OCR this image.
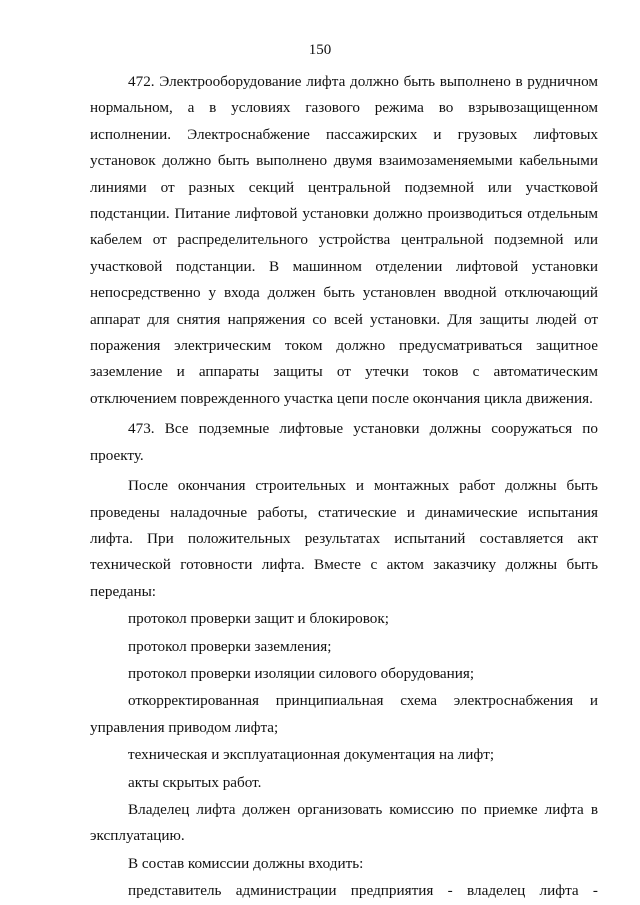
150

472. Электрооборудование лифта должно быть выполнено в рудничном нормальном, а в условиях газового режима во взрывозащищенном исполнении. Электроснабжение пассажирских и грузовых лифтовых установок должно быть выполнено двумя взаимозаменяемыми кабельными линиями от разных секций центральной подземной или участковой подстанции. Питание лифтовой установки должно производиться отдельным кабелем от распределительного устройства центральной подземной или участковой подстанции. В машинном отделении лифтовой установки непосредственно у входа должен быть установлен вводной отключающий аппарат для снятия напряжения со всей установки. Для защиты людей от поражения электрическим током должно предусматриваться защитное заземление и аппараты защиты от утечки токов с автоматическим отключением поврежденного участка цепи после окончания цикла движения.

473. Все подземные лифтовые установки должны сооружаться по проекту.

После окончания строительных и монтажных работ должны быть проведены наладочные работы, статические и динамические испытания лифта. При положительных результатах испытаний составляется акт технической готовности лифта. Вместе с актом заказчику должны быть переданы:

протокол проверки защит и блокировок;

протокол проверки заземления;

протокол проверки изоляции силового оборудования;

откорректированная принципиальная схема электроснабжения и управления приводом лифта;

техническая и эксплуатационная документация на лифт;

акты скрытых работ.

Владелец лифта должен организовать комиссию по приемке лифта в эксплуатацию.

В состав комиссии должны входить:

представитель администрации предприятия - владелец лифта -
